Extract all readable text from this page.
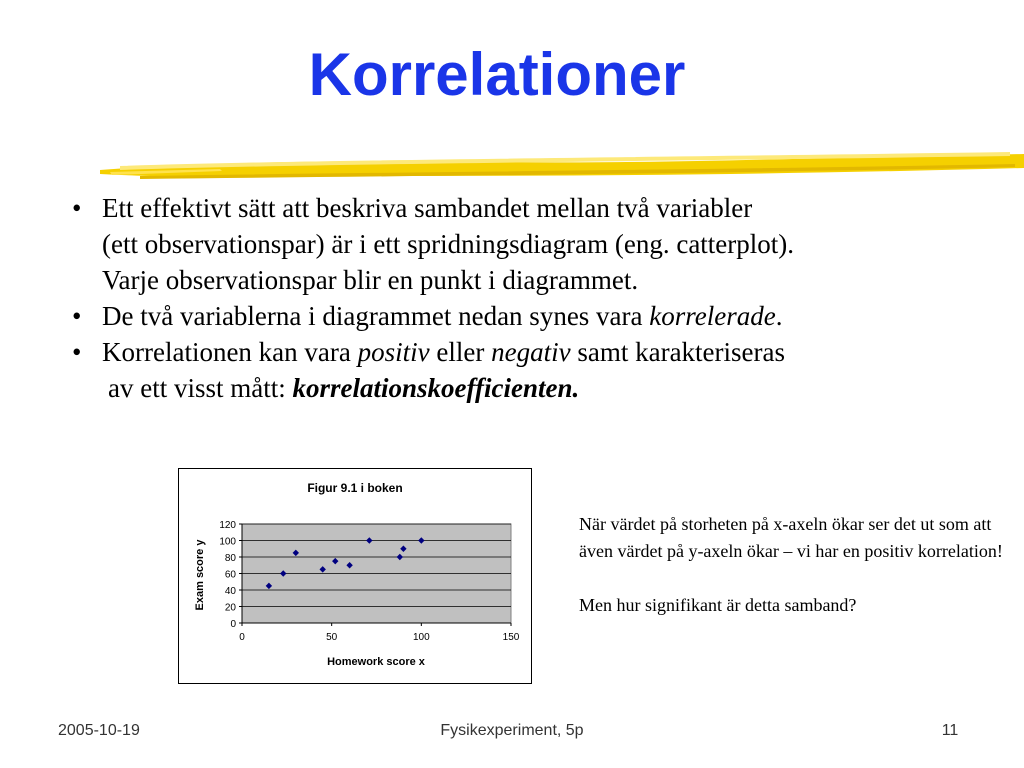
Korrelationer
• Ett effektivt sätt att beskriva sambandet mellan två variabler
(ett observationspar) är i ett spridningsdiagram (eng. catterplot).
Varje observationspar blir en punkt i diagrammet.
• De två variablerna i diagrammet nedan synes vara korrelerade.
• Korrelationen kan vara positiv eller negativ samt karakteriseras
av ett visst mått: korrelationskoefficienten.
Figur 9.1 i boken
Homework score x
Exam score y
0
20
40
60
80
100
120
0	50	100	150

När värdet på storheten på x-axeln ökar ser det ut som att även värdet på y-axeln ökar – vi har en positiv korrelation!

Men hur signifikant är detta samband?

2005-10-19	Fysikexperiment, 5p	11
